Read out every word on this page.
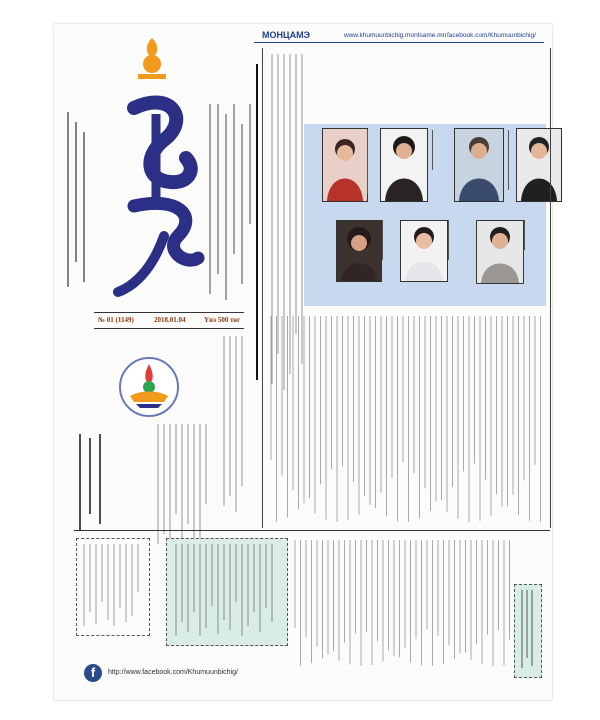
МОНЦАМЭ	www.khumuunbichig.montsame.mn facebook.com/Khumuunbichig/
№ 01 (1149)	2018.01.04	Үнэ 500 төг
f	http://www.facebook.com/Khumuunbichig/
